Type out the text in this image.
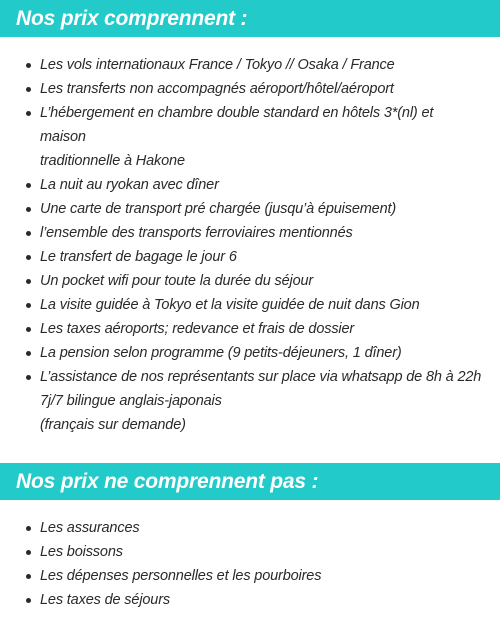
Nos prix comprennent :
Les vols internationaux France / Tokyo // Osaka / France
Les transferts non accompagnés aéroport/hôtel/aéroport
L’hébergement en chambre double standard en hôtels 3*(nl) et maison
traditionnelle à Hakone
La nuit au ryokan avec dîner
Une carte de transport pré chargée (jusqu’à épuisement)
l’ensemble des transports ferroviaires mentionnés
Le transfert de bagage le jour 6
Un pocket wifi pour toute la durée du séjour
La visite guidée à Tokyo et la visite guidée de nuit dans Gion
Les taxes aéroports; redevance et frais de dossier
La pension selon programme (9 petits-déjeuners, 1 dîner)
L’assistance de nos représentants sur place via whatsapp de 8h à 22h
7j/7 bilingue anglais-japonais
(français sur demande)
Nos prix ne comprennent pas :
Les assurances
Les boissons
Les dépenses personnelles et les pourboires
Les taxes de séjours
